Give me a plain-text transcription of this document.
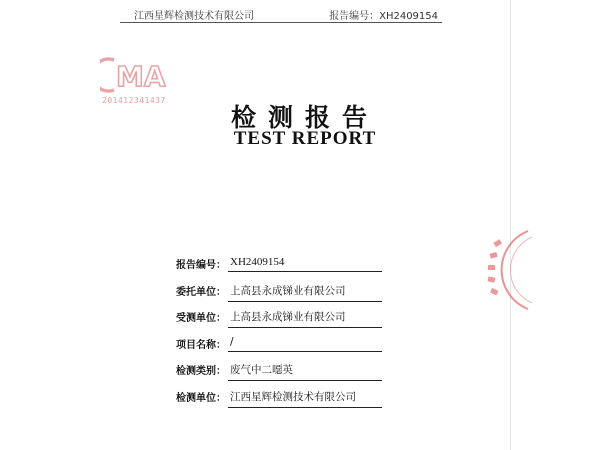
江西星辉检测技术有限公司	报告编号：XH2409154
MA
201412341437
检测报告
TEST REPORT
报告编号： XH2409154
委托单位： 上高县永成锑业有限公司
受测单位： 上高县永成锑业有限公司
项目名称： /
检测类别： 废气中二噁英
检测单位： 江西星辉检测技术有限公司
